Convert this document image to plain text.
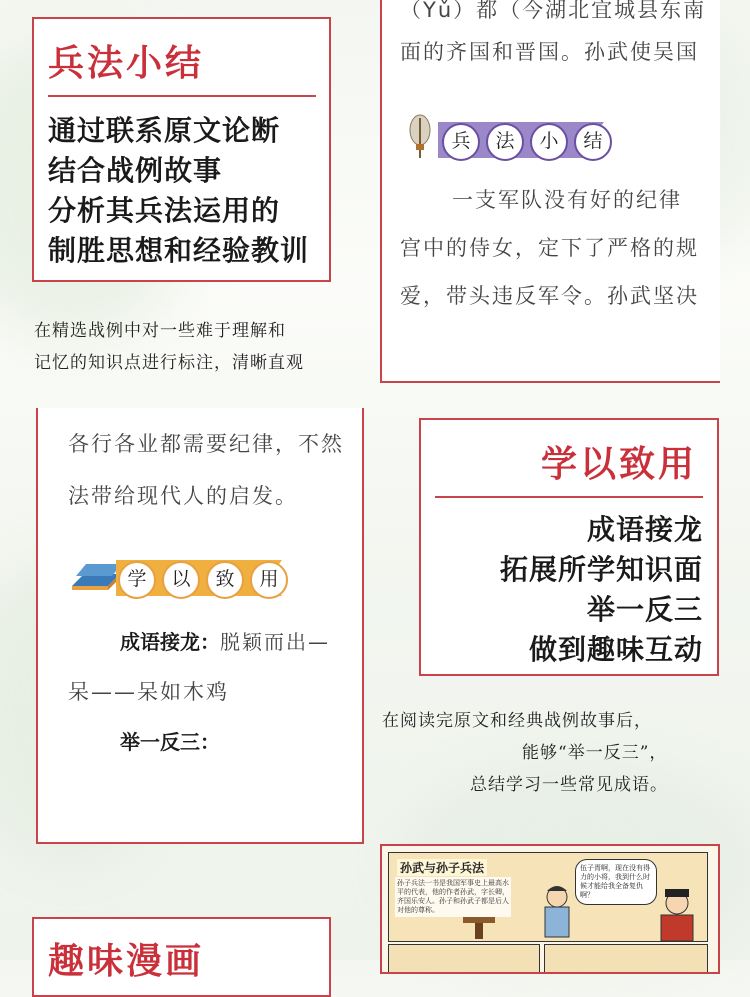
兵法小结
通过联系原文论断
结合战例故事
分析其兵法运用的
制胜思想和经验教训
在精选战例中对一些难于理解和
记忆的知识点进行标注，清晰直观
（Yǔ）都（今湖北宜城县东南
面的齐国和晋国。孙武使吴国
兵 法 小 结
一支军队没有好的纪律
宫中的侍女，定下了严格的规
爱，带头违反军令。孙武坚决
各行各业都需要纪律，不然
法带给现代人的启发。
学 以 致 用
成语接龙：脱颖而出—
呆——呆如木鸡
举一反三：
学以致用
成语接龙
拓展所学知识面
举一反三
做到趣味互动
在阅读完原文和经典战例故事后，
能够“举一反三”，
总结学习一些常见成语。
孙武与孙子兵法
孙子兵法一书是我国军事史上最高水平的代表，他的作者孙武，字长卿，齐国乐安人。孙子和孙武子都是后人对他的尊称。
伍子胥啊，现在没有得力的小将，我到什么时候才能给我全备复仇啊？
趣味漫画
